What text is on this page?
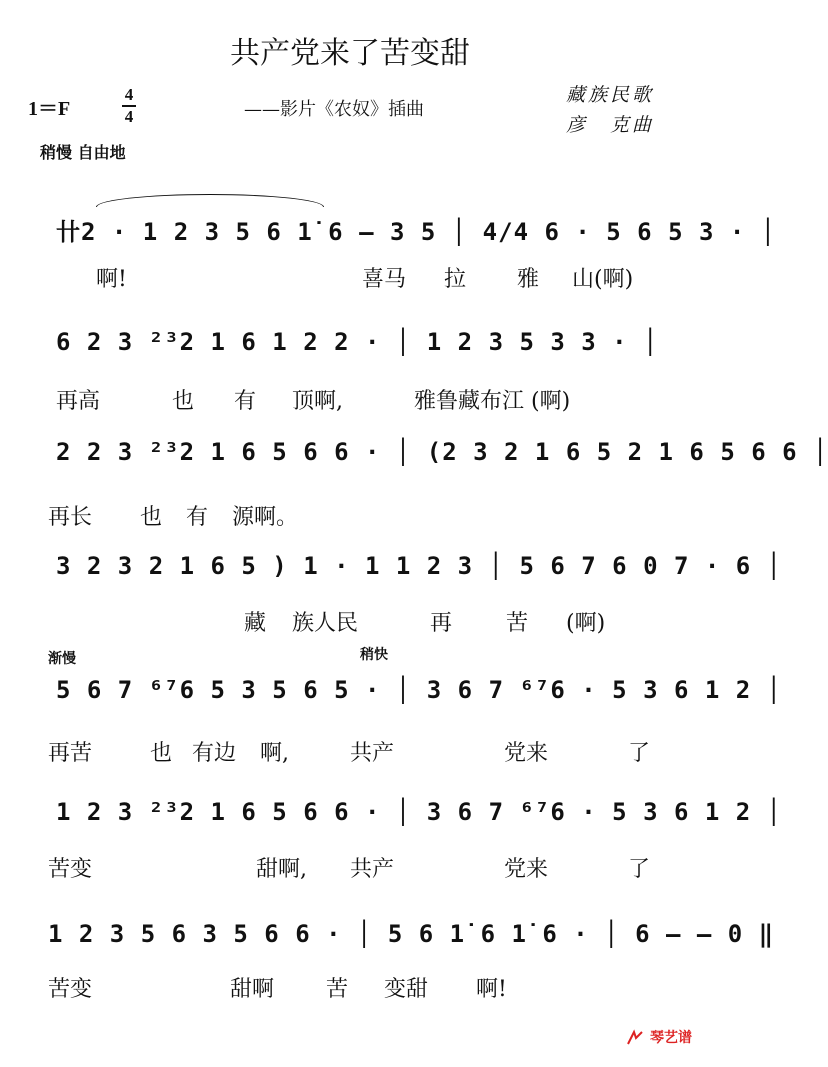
共产党来了苦变甜
1＝F
4
4	——影片《农奴》插曲
藏族民歌
彦　克曲
稍慢 自由地
卄2 · 1 2 3 5 6 1̇ 6 ‒ 3 5 │ 4/4 6 · 5 6 5 3 · │
啊!	喜马 拉 雅 山(啊)
6 2 3 ²³2 1 6 1 2 2 · │ 1 2 3 5 3 3 · │
再高	也 有 顶啊,	雅鲁藏布江 (啊)
2 2 3 ²³2 1 6 5 6 6 · │ (2 3 2 1 6 5 2 1 6 5 6 6 │
再长 也 有 源啊。
3 2 3 2 1 6 5 ) 1 · 1 1 2 3 │ 5 6 7 6 0 7 · 6 │
藏 族人民	再 苦 (啊)
渐慢	稍快
5 6 7 ⁶⁷6 5 3 5 6 5 · │ 3 6 7 ⁶⁷6 · 5 3 6 1 2 │
再苦	也 有边 啊,	共产	党来	了
1 2 3 ²³2 1 6 5 6 6 · │ 3 6 7 ⁶⁷6 · 5 3 6 1 2 │
苦变	甜啊, 共产	党来	了
1 2 3 5 6 3 5 6 6 · │ 5 6 1̇ 6 1̇ 6 · │ 6 ‒ ‒ 0 ‖
苦变	甜啊 苦 变甜 啊!
琴艺谱
